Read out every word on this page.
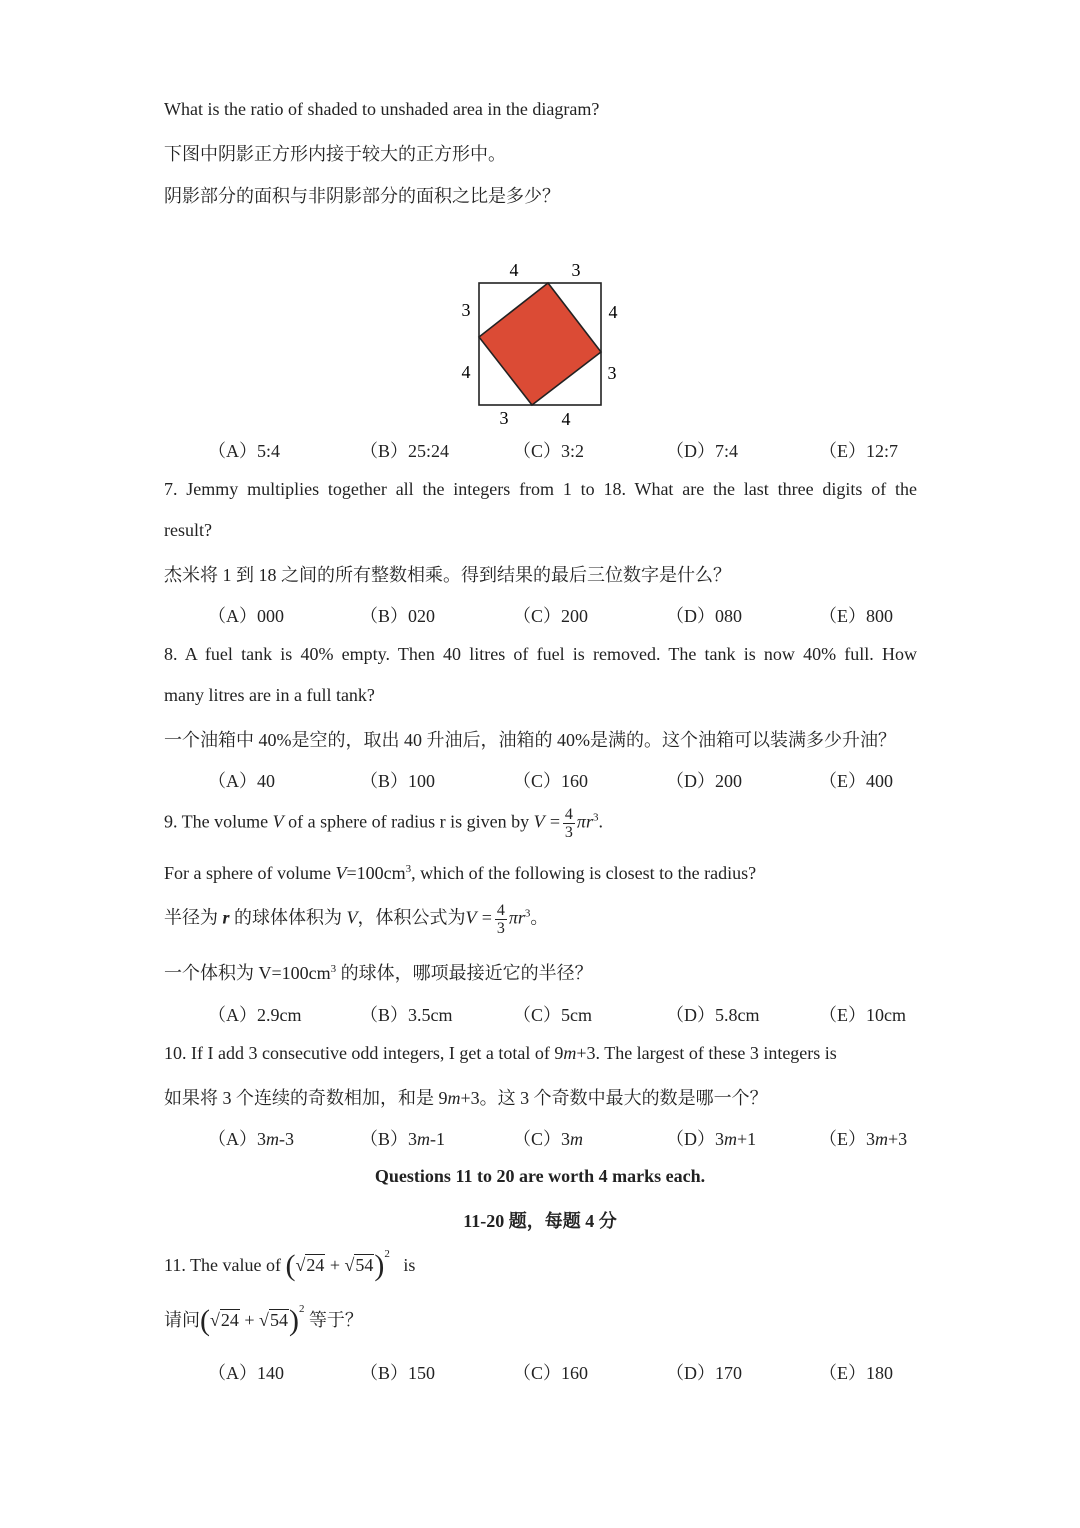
What is the ratio of shaded to unshaded area in the diagram?
下图中阴影正方形内接于较大的正方形中。
阴影部分的面积与非阴影部分的面积之比是多少？
4	3
3
4
4
3
3	4
（A）5:4	（B）25:24	（C）3:2	（D）7:4	（E）12:7
7. Jemmy multiplies together all the integers from 1 to 18. What are the last three digits of the
result?
杰米将 1 到 18 之间的所有整数相乘。得到结果的最后三位数字是什么？
（A）000	（B）020	（C）200	（D）080	（E）800
8. A fuel tank is 40% empty. Then 40 litres of fuel is removed. The tank is now 40% full. How
many litres are in a full tank?
一个油箱中 40%是空的，取出 40 升油后，油箱的 40%是满的。这个油箱可以装满多少升油？
（A）40	（B）100	（C）160	（D）200	（E）400
9. The volume V of a sphere of radius r is given by $V = \frac{4}{3} \pi r^3$.
For a sphere of volume $V=100cm^3$, which of the following is closest to the radius?
半径为 r 的球体体积为 V，体积公式为$V = \frac{4}{3} \pi r^3$。
一个体积为 $V=100cm^3$ 的球体，哪项最接近它的半径？
（A）2.9cm	（B）3.5cm	（C）5cm	（D）5.8cm	（E）10cm
10. If I add 3 consecutive odd integers, I get a total of 9m+3. The largest of these 3 integers is
如果将 3 个连续的奇数相加，和是 9m+3。这 3 个奇数中最大的数是哪一个？
（A）3m-3	（B）3m-1	（C）3m	（D）3m+1	（E）3m+3
Questions 11 to 20 are worth 4 marks each.
11-20 题，每题 4 分
11. The value of $(√24 + √54)^2$   is
请问$(√24 + √54)^2$ 等于？
（A）140	（B）150	（C）160	（D）170	（E）180
